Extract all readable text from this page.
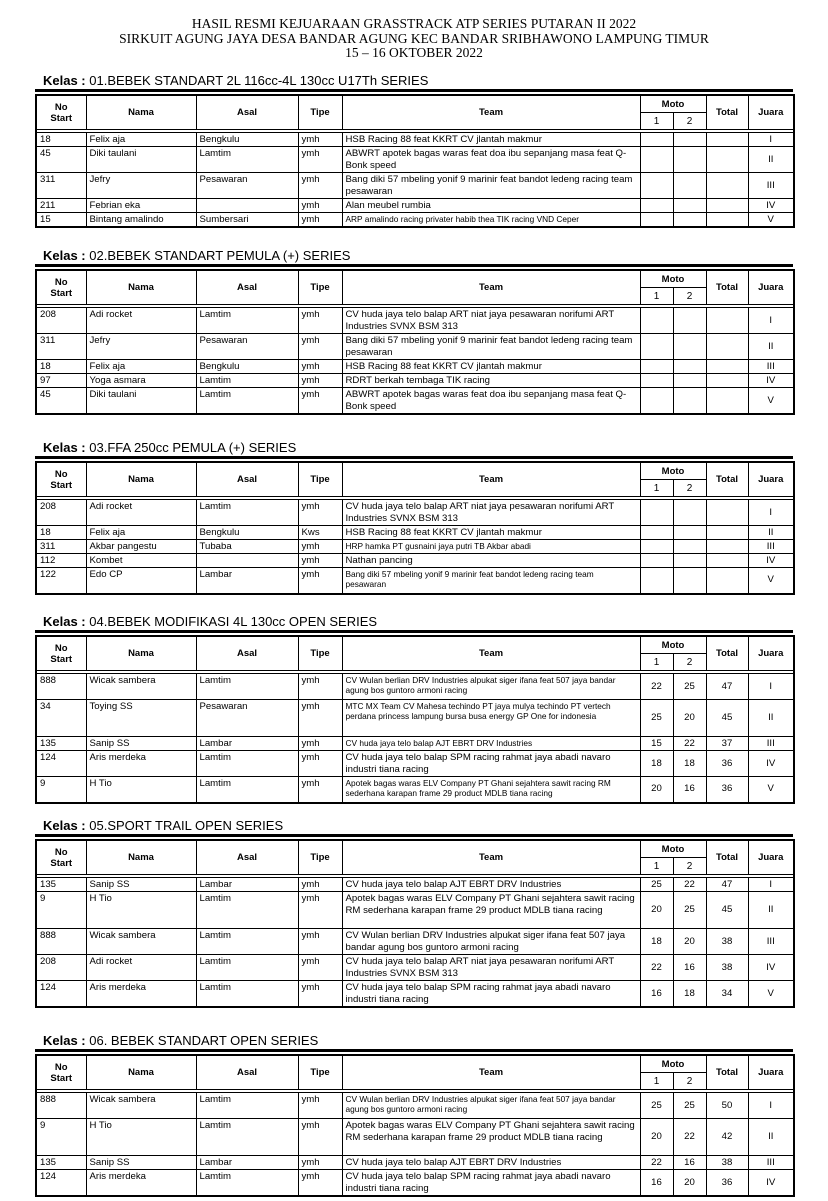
HASIL RESMI KEJUARAAN GRASSTRACK ATP SERIES PUTARAN II 2022
SIRKUIT AGUNG JAYA DESA BANDAR AGUNG KEC BANDAR SRIBHAWONO LAMPUNG TIMUR
15 – 16 OKTOBER 2022
Kelas : 01.BEBEK STANDART 2L 116cc-4L 130cc U17Th SERIES
No
Start	Nama	Asal	Tipe	Team	Moto		Total	Juara
					1	2		

18	Felix aja	Bengkulu	ymh	HSB Racing 88 feat KKRT CV jlantah makmur				I
45	Diki taulani	Lamtim	ymh	ABWRT apotek bagas waras feat doa ibu sepanjang masa feat Q-Bonk speed				II
311	Jefry	Pesawaran	ymh	Bang diki 57 mbeling yonif 9 marinir feat bandot ledeng racing team pesawaran				III
211	Febrian eka		ymh	Alan meubel rumbia				IV
15	Bintang amalindo	Sumbersari	ymh	ARP amalindo racing privater habib thea TIK racing VND Ceper				V
Kelas : 02.BEBEK STANDART PEMULA (+) SERIES
No
Start	Nama	Asal	Tipe	Team	Moto		Total	Juara
					1	2		

208	Adi rocket	Lamtim	ymh	CV huda jaya telo balap ART niat jaya pesawaran norifumi ART Industries SVNX BSM 313				I
311	Jefry	Pesawaran	ymh	Bang diki 57 mbeling yonif 9 marinir feat bandot ledeng racing team pesawaran				II
18	Felix aja	Bengkulu	ymh	HSB Racing 88 feat KKRT CV jlantah makmur				III
97	Yoga asmara	Lamtim	ymh	RDRT berkah tembaga TIK racing				IV
45	Diki taulani	Lamtim	ymh	ABWRT apotek bagas waras feat doa ibu sepanjang masa feat Q-Bonk speed				V
Kelas : 03.FFA 250cc PEMULA (+) SERIES
No
Start	Nama	Asal	Tipe	Team	Moto		Total	Juara
					1	2		

208	Adi rocket	Lamtim	ymh	CV huda jaya telo balap ART niat jaya pesawaran norifumi ART Industries SVNX BSM 313				I
18	Felix aja	Bengkulu	Kws	HSB Racing 88 feat KKRT CV jlantah makmur				II
311	Akbar pangestu	Tubaba	ymh	HRP hamka PT gusnaini jaya putri TB Akbar abadi				III
112	Kombet		ymh	Nathan pancing				IV
122	Edo CP	Lambar	ymh	Bang diki 57 mbeling yonif 9 marinir feat bandot ledeng racing team pesawaran				V
Kelas : 04.BEBEK MODIFIKASI 4L 130cc OPEN SERIES
No
Start	Nama	Asal	Tipe	Team	Moto		Total	Juara
					1	2		

888	Wicak sambera	Lamtim	ymh	CV Wulan berlian DRV Industries alpukat siger ifana feat 507 jaya bandar agung bos guntoro armoni racing	22	25	47	I
34	Toying SS	Pesawaran	ymh	MTC MX Team CV Mahesa techindo PT jaya mulya techindo PT vertech perdana princess lampung bursa busa energy GP One for indonesia	25	20	45	II
135	Sanip SS	Lambar	ymh	CV huda jaya telo balap AJT EBRT DRV Industries	15	22	37	III
124	Aris merdeka	Lamtim	ymh	CV huda jaya telo balap SPM racing rahmat jaya abadi navaro industri tiana racing	18	18	36	IV
9	H Tio	Lamtim	ymh	Apotek bagas waras ELV Company PT Ghani sejahtera sawit racing RM sederhana karapan frame 29 product MDLB tiana racing	20	16	36	V
Kelas : 05.SPORT TRAIL OPEN SERIES
No
Start	Nama	Asal	Tipe	Team	Moto		Total	Juara
					1	2		

135	Sanip SS	Lambar	ymh	CV huda jaya telo balap AJT EBRT DRV Industries	25	22	47	I
9	H Tio	Lamtim	ymh	Apotek bagas waras ELV Company PT Ghani sejahtera sawit racing RM sederhana karapan frame 29 product MDLB tiana racing	20	25	45	II
888	Wicak sambera	Lamtim	ymh	CV Wulan berlian DRV Industries alpukat siger ifana feat 507 jaya bandar agung bos guntoro armoni racing	18	20	38	III
208	Adi rocket	Lamtim	ymh	CV huda jaya telo balap ART niat jaya pesawaran norifumi ART Industries SVNX BSM 313	22	16	38	IV
124	Aris merdeka	Lamtim	ymh	CV huda jaya telo balap SPM racing rahmat jaya abadi navaro industri tiana racing	16	18	34	V
Kelas : 06. BEBEK STANDART OPEN SERIES
No
Start	Nama	Asal	Tipe	Team	Moto		Total	Juara
					1	2		

888	Wicak sambera	Lamtim	ymh	CV Wulan berlian DRV Industries alpukat siger ifana feat 507 jaya bandar agung bos guntoro armoni racing	25	25	50	I
9	H Tio	Lamtim	ymh	Apotek bagas waras ELV Company PT Ghani sejahtera sawit racing RM sederhana karapan frame 29 product MDLB tiana racing	20	22	42	II
135	Sanip SS	Lambar	ymh	CV huda jaya telo balap AJT EBRT DRV Industries	22	16	38	III
124	Aris merdeka	Lamtim	ymh	CV huda jaya telo balap SPM racing rahmat jaya abadi navaro industri tiana racing	16	20	36	IV
